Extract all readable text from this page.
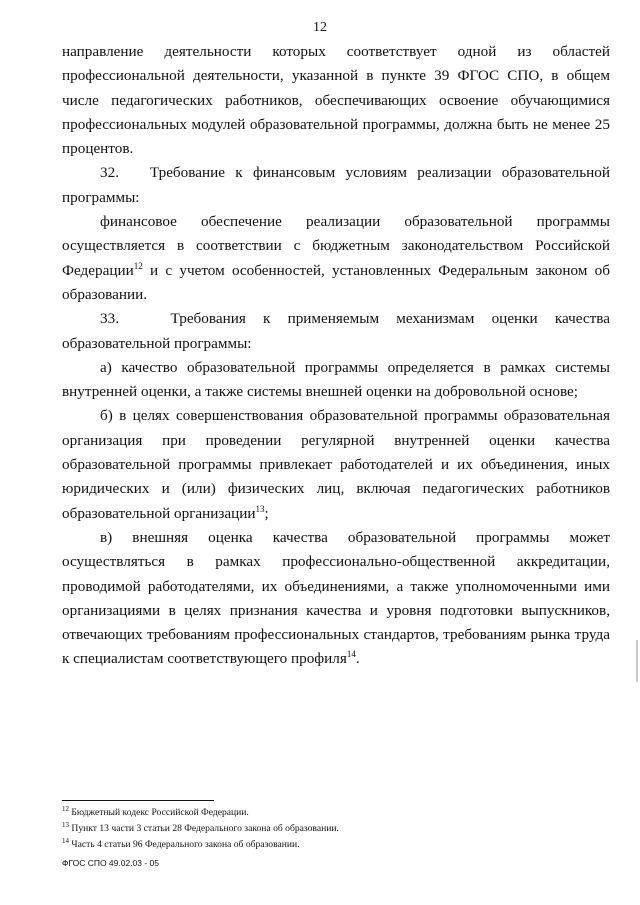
12

направление деятельности которых соответствует одной из областей профессиональной деятельности, указанной в пункте 39 ФГОС СПО, в общем числе педагогических работников, обеспечивающих освоение обучающимися профессиональных модулей образовательной программы, должна быть не менее 25 процентов.

32.   Требование к финансовым условиям реализации образовательной программы:

финансовое обеспечение реализации образовательной программы осуществляется в соответствии с бюджетным законодательством Российской Федерации$^{12}$ и с учетом особенностей, установленных Федеральным законом об образовании.

33.   Требования к применяемым механизмам оценки качества образовательной программы:

а) качество образовательной программы определяется в рамках системы внутренней оценки, а также системы внешней оценки на добровольной основе;

б) в целях совершенствования образовательной программы образовательная организация при проведении регулярной внутренней оценки качества образовательной программы привлекает работодателей и их объединения, иных юридических и (или) физических лиц, включая педагогических работников образовательной организации$^{13}$;

в) внешняя оценка качества образовательной программы может осуществляться в рамках профессионально-общественной аккредитации, проводимой работодателями, их объединениями, а также уполномоченными ими организациями в целях признания качества и уровня подготовки выпускников, отвечающих требованиям профессиональных стандартов, требованиям рынка труда к специалистам соответствующего профиля$^{14}$.

$^{12}$ Бюджетный кодекс Российской Федерации.

$^{13}$ Пункт 13 части 3 статьи 28 Федерального закона об образовании.

$^{14}$ Часть 4 статьи 96 Федерального закона об образовании.

ФГОС СПО 49.02.03 - 05
